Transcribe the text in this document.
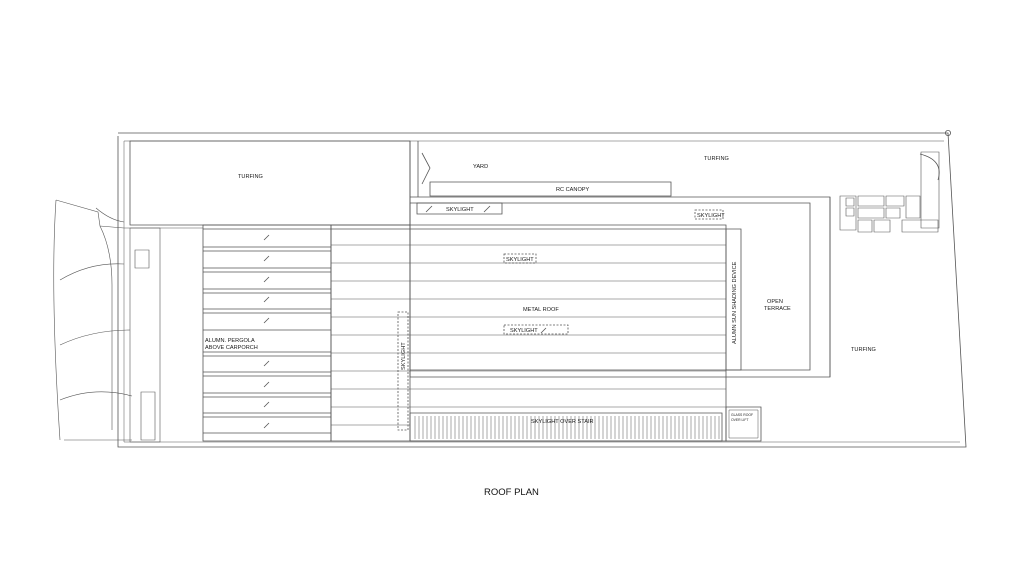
TURFING
YARD
TURFING
RC CANOPY
SKYLIGHT
SKYLIGHT
SKYLIGHT
METAL ROOF
SKYLIGHT
ALUMN. PERGOLA
ABOVE CARPORCH	SKYLIGHT
ALUMN SUN SHADING DEVICE	OPEN
TERRACE
TURFING
SKYLIGHT OVER STAIR
GLASS ROOF
OVER LIFT
ROOF PLAN
